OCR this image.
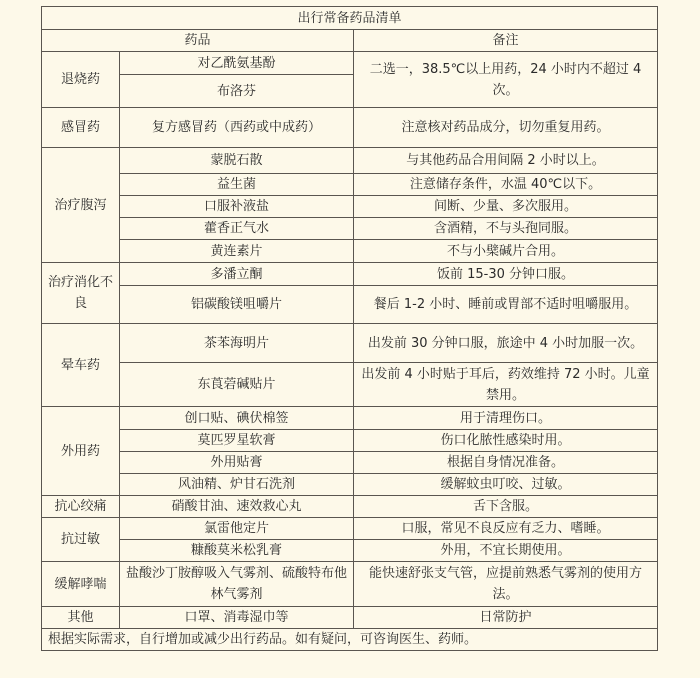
出行常备药品清单		
药品		备注
退烧药	对乙酰氨基酚	二选一，38.5℃以上用药，24 小时内不超过 4 次。
	布洛芬	
感冒药	复方感冒药（西药或中成药）	注意核对药品成分，切勿重复用药。
治疗腹泻	蒙脱石散	与其他药品合用间隔 2 小时以上。
	益生菌	注意储存条件，水温 40℃以下。
	口服补液盐	间断、少量、多次服用。
	藿香正气水	含酒精，不与头孢同服。
	黄连素片	不与小檗碱片合用。
治疗消化不良	多潘立酮	饭前 15-30 分钟口服。
	铝碳酸镁咀嚼片	餐后 1-2 小时、睡前或胃部不适时咀嚼服用。
晕车药	茶苯海明片	出发前 30 分钟口服，旅途中 4 小时加服一次。
	东莨菪碱贴片	出发前 4 小时贴于耳后，药效维持 72 小时。儿童禁用。
外用药	创口贴、碘伏棉签	用于清理伤口。
	莫匹罗星软膏	伤口化脓性感染时用。
	外用贴膏	根据自身情况准备。
	风油精、炉甘石洗剂	缓解蚊虫叮咬、过敏。
抗心绞痛	硝酸甘油、速效救心丸	舌下含服。
抗过敏	氯雷他定片	口服，常见不良反应有乏力、嗜睡。
	糠酸莫米松乳膏	外用，不宜长期使用。
缓解哮喘	盐酸沙丁胺醇吸入气雾剂、硫酸特布他林气雾剂	能快速舒张支气管，应提前熟悉气雾剂的使用方法。
其他	口罩、消毒湿巾等	日常防护
根据实际需求，自行增加或减少出行药品。如有疑问，可咨询医生、药师。		
